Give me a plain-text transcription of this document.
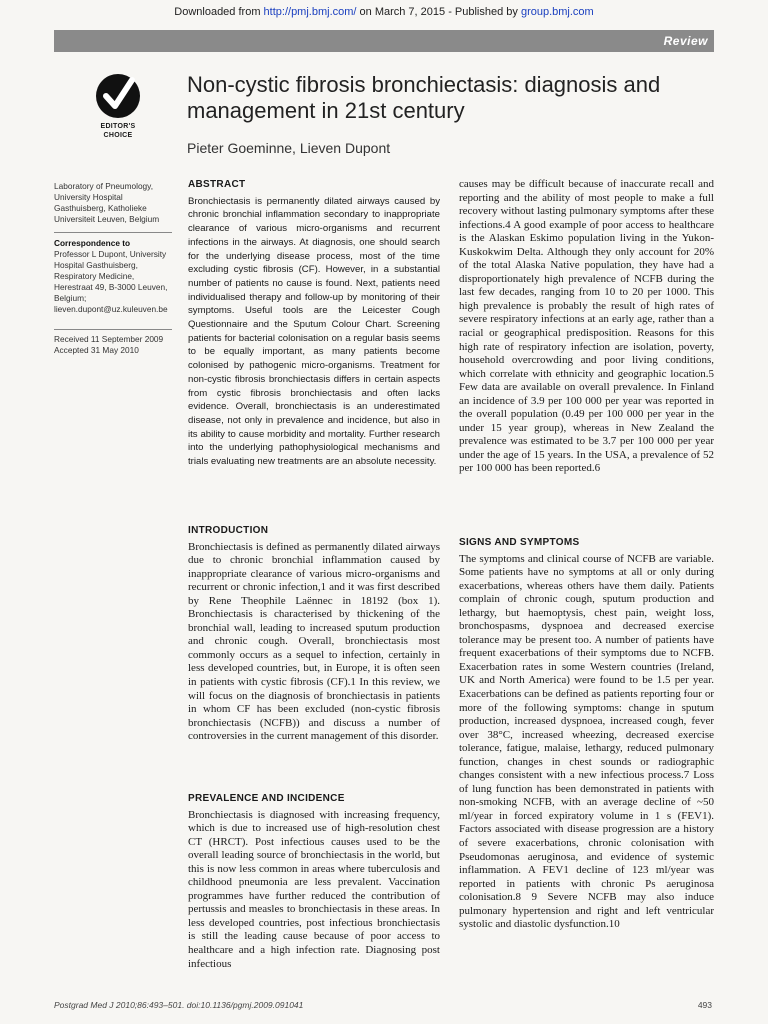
Downloaded from http://pmj.bmj.com/ on March 7, 2015 - Published by group.bmj.com
Review
EDITOR'S
CHOICE
Non-cystic fibrosis bronchiectasis: diagnosis and management in 21st century
Pieter Goeminne, Lieven Dupont
Laboratory of Pneumology, University Hospital Gasthuisberg, Katholieke Universiteit Leuven, Belgium
Correspondence to
Professor L Dupont, University Hospital Gasthuisberg, Respiratory Medicine, Herestraat 49, B-3000 Leuven, Belgium; lieven.dupont@uz.kuleuven.be
Received 11 September 2009 Accepted 31 May 2010
ABSTRACT

Bronchiectasis is permanently dilated airways caused by chronic bronchial inflammation secondary to inappropriate clearance of various micro-organisms and recurrent infections in the airways. At diagnosis, one should search for the underlying disease process, most of the time excluding cystic fibrosis (CF). However, in a substantial number of patients no cause is found. Next, patients need individualised therapy and follow-up by monitoring of their symptoms. Useful tools are the Leicester Cough Questionnaire and the Sputum Colour Chart. Screening patients for bacterial colonisation on a regular basis seems to be equally important, as many patients become colonised by pathogenic micro-organisms. Treatment for non-cystic fibrosis bronchiectasis differs in certain aspects from cystic fibrosis bronchiectasis and often lacks evidence. Overall, bronchiectasis is an underestimated disease, not only in prevalence and incidence, but also in its ability to cause morbidity and mortality. Further research into the underlying pathophysiological mechanisms and trials evaluating new treatments are an absolute necessity.

INTRODUCTION

Bronchiectasis is defined as permanently dilated airways due to chronic bronchial inflammation caused by inappropriate clearance of various micro-organisms and recurrent or chronic infection,1 and it was first described by Rene Theophile Laënnec in 18192 (box 1). Bronchiectasis is characterised by thickening of the bronchial wall, leading to increased sputum production and chronic cough. Overall, bronchiectasis most commonly occurs as a sequel to infection, certainly in less developed countries, but, in Europe, it is often seen in patients with cystic fibrosis (CF).1 In this review, we will focus on the diagnosis of bronchiectasis in patients in whom CF has been excluded (non-cystic fibrosis bronchiectasis (NCFB)) and discuss a number of controversies in the current management of this disorder.

PREVALENCE AND INCIDENCE

Bronchiectasis is diagnosed with increasing frequency, which is due to increased use of high-resolution chest CT (HRCT). Post infectious causes used to be the overall leading source of bronchiectasis in the world, but this is now less common in areas where tuberculosis and childhood pneumonia are less prevalent. Vaccination programmes have further reduced the contribution of pertussis and measles to bronchiectasis in these areas. In less developed countries, post infectious bronchiectasis is still the leading cause because of poor access to healthcare and a high infection rate. Diagnosing post infectious

causes may be difficult because of inaccurate recall and reporting and the ability of most people to make a full recovery without lasting pulmonary symptoms after these infections.4 A good example of poor access to healthcare is the Alaskan Eskimo population living in the Yukon-Kuskokwim Delta. Although they only account for 20% of the total Alaska Native population, they have had a disproportionately high prevalence of NCFB during the last few decades, ranging from 10 to 20 per 1000. This high prevalence is probably the result of high rates of severe respiratory infections at an early age, rather than a racial or geographical predisposition. Reasons for this high rate of respiratory infection are isolation, poverty, household overcrowding and poor living conditions, which correlate with ethnicity and geographic location.5 Few data are available on overall prevalence. In Finland an incidence of 3.9 per 100 000 per year was reported in the overall population (0.49 per 100 000 per year in the under 15 year group), whereas in New Zealand the prevalence was estimated to be 3.7 per 100 000 per year under the age of 15 years. In the USA, a prevalence of 52 per 100 000 has been reported.6

SIGNS AND SYMPTOMS

The symptoms and clinical course of NCFB are variable. Some patients have no symptoms at all or only during exacerbations, whereas others have them daily. Patients complain of chronic cough, sputum production and lethargy, but haemoptysis, chest pain, weight loss, bronchospasms, dyspnoea and decreased exercise tolerance may be present too. A number of patients have frequent exacerbations of their symptoms due to NCFB. Exacerbation rates in some Western countries (Ireland, UK and North America) were found to be 1.5 per year. Exacerbations can be defined as patients reporting four or more of the following symptoms: change in sputum production, increased dyspnoea, increased cough, fever over 38°C, increased wheezing, decreased exercise tolerance, fatigue, malaise, lethargy, reduced pulmonary function, changes in chest sounds or radiographic changes consistent with a new infectious process.7 Loss of lung function has been demonstrated in patients with non-smoking NCFB, with an average decline of ~50 ml/year in forced expiratory volume in 1 s (FEV1). Factors associated with disease progression are a history of severe exacerbations, chronic colonisation with Pseudomonas aeruginosa, and evidence of systemic inflammation. A FEV1 decline of 123 ml/year was reported in patients with chronic Ps aeruginosa colonisation.8 9 Severe NCFB may also induce pulmonary hypertension and right and left ventricular systolic and diastolic dysfunction.10

Postgrad Med J 2010;86:493–501. doi:10.1136/pgmj.2009.091041	493
